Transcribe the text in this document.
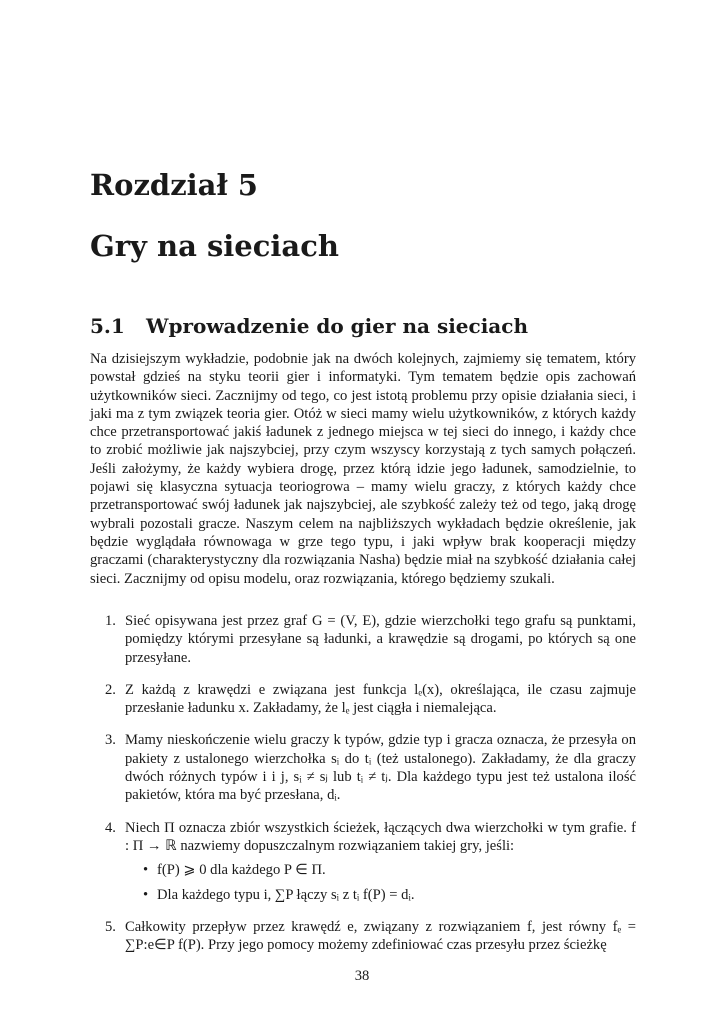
Rozdział 5
Gry na sieciach
5.1 Wprowadzenie do gier na sieciach

Na dzisiejszym wykładzie, podobnie jak na dwóch kolejnych, zajmiemy się tematem, który powstał gdzieś na styku teorii gier i informatyki. Tym tematem będzie opis zachowań użytkowników sieci. Zacznijmy od tego, co jest istotą problemu przy opisie działania sieci, i jaki ma z tym związek teoria gier. Otóż w sieci mamy wielu użytkowników, z których każdy chce przetransportować jakiś ładunek z jednego miejsca w tej sieci do innego, i każdy chce to zrobić możliwie jak najszybciej, przy czym wszyscy korzystają z tych samych połączeń. Jeśli założymy, że każdy wybiera drogę, przez którą idzie jego ładunek, samodzielnie, to pojawi się klasyczna sytuacja teoriogrowa – mamy wielu graczy, z których każdy chce przetransportować swój ładunek jak najszybciej, ale szybkość zależy też od tego, jaką drogę wybrali pozostali gracze. Naszym celem na najbliższych wykładach będzie określenie, jak będzie wyglądała równowaga w grze tego typu, i jaki wpływ brak kooperacji między graczami (charakterystyczny dla rozwiązania Nasha) będzie miał na szybkość działania całej sieci. Zacznijmy od opisu modelu, oraz rozwiązania, którego będziemy szukali.

1. Sieć opisywana jest przez graf G = (V, E), gdzie wierzchołki tego grafu są punktami, pomiędzy którymi przesyłane są ładunki, a krawędzie są drogami, po których są one przesyłane.
2. Z każdą z krawędzi e związana jest funkcja lₑ(x), określająca, ile czasu zajmuje przesłanie ładunku x. Zakładamy, że lₑ jest ciągła i niemalejąca.
3. Mamy nieskończenie wielu graczy k typów, gdzie typ i gracza oznacza, że przesyła on pakiety z ustalonego wierzchołka sᵢ do tᵢ (też ustalonego). Zakładamy, że dla graczy dwóch różnych typów i i j, sᵢ ≠ sⱼ lub tᵢ ≠ tⱼ. Dla każdego typu jest też ustalona ilość pakietów, która ma być przesłana, dᵢ.
4. Niech Π oznacza zbiór wszystkich ścieżek, łączących dwa wierzchołki w tym grafie. f : Π → ℝ nazwiemy dopuszczalnym rozwiązaniem takiej gry, jeśli:
• f(P) ⩾ 0 dla każdego P ∈ Π.
• Dla każdego typu i, ∑P łączy sᵢ z tᵢ f(P) = dᵢ.
5. Całkowity przepływ przez krawędź e, związany z rozwiązaniem f, jest równy fₑ = ∑P:e∈P f(P). Przy jego pomocy możemy zdefiniować czas przesyłu przez ścieżkę

38
